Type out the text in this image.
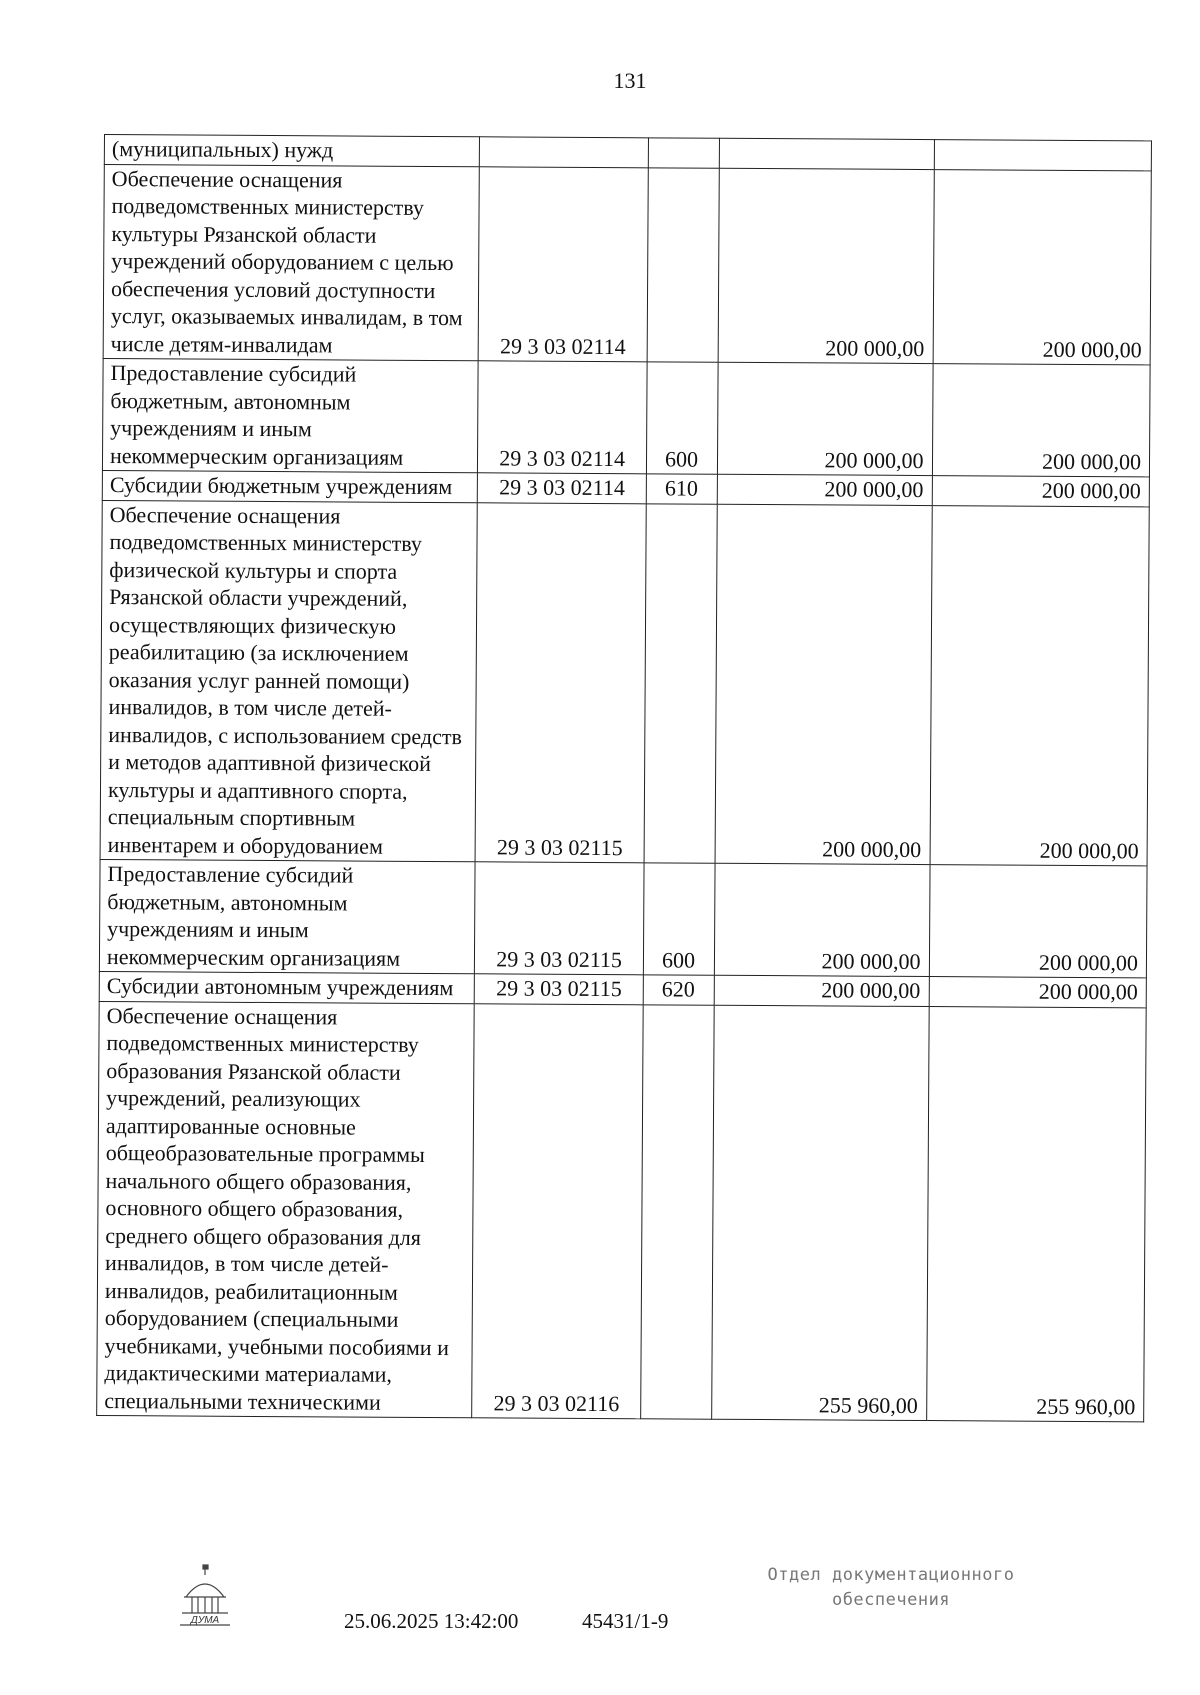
131
(муниципальных) нужд				
Обеспечение оснащения подведомственных министерству культуры Рязанской области учреждений оборудованием с целью обеспечения условий доступности услуг, оказываемых инвалидам, в том числе детям-инвалидам	29 3 03 02114		200 000,00	200 000,00
Предоставление субсидий бюджетным, автономным учреждениям и иным некоммерческим организациям	29 3 03 02114	600	200 000,00	200 000,00
Субсидии бюджетным учреждениям	29 3 03 02114	610	200 000,00	200 000,00
Обеспечение оснащения подведомственных министерству физической культуры и спорта Рязанской области учреждений, осуществляющих физическую реабилитацию (за исключением оказания услуг ранней помощи) инвалидов, в том числе детей-инвалидов, с использованием средств и методов адаптивной физической культуры и адаптивного спорта, специальным спортивным инвентарем и оборудованием	29 3 03 02115		200 000,00	200 000,00
Предоставление субсидий бюджетным, автономным учреждениям и иным некоммерческим организациям	29 3 03 02115	600	200 000,00	200 000,00
Субсидии автономным учреждениям	29 3 03 02115	620	200 000,00	200 000,00
Обеспечение оснащения подведомственных министерству образования Рязанской области учреждений, реализующих адаптированные основные общеобразовательные программы начального общего образования, основного общего образования, среднего общего образования для инвалидов, в том числе детей-инвалидов, реабилитационным оборудованием (специальными учебниками, учебными пособиями и дидактическими материалами, специальными техническими	29 3 03 02116		255 960,00	255 960,00
ДУМА	25.06.2025 13:42:00	45431/1-9
Отдел документационного
обеспечения
